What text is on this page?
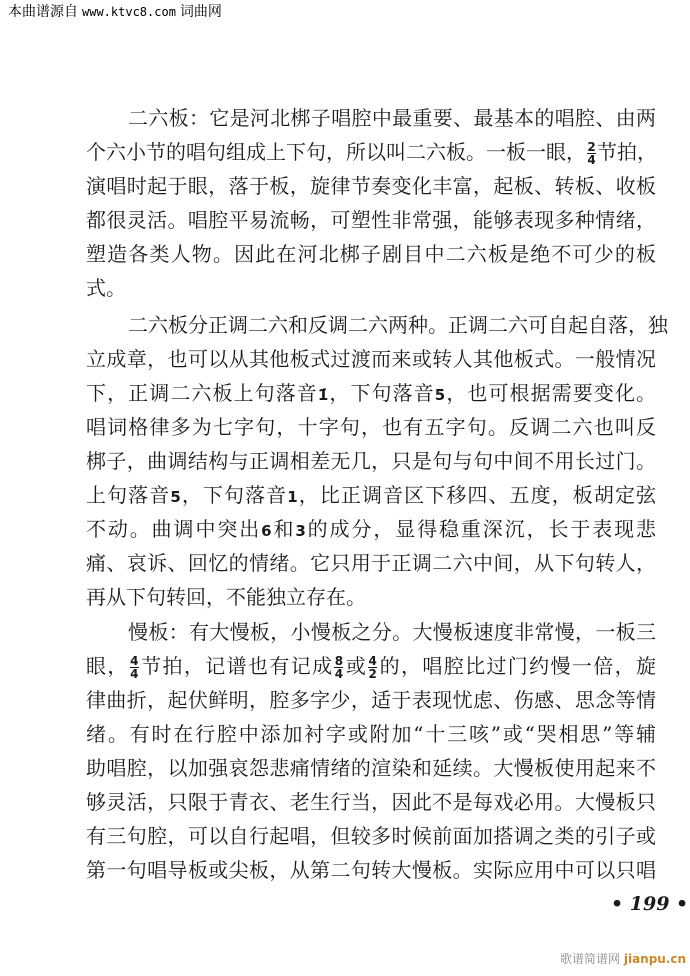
本曲谱源自 www.ktvc8.com 词曲网
二六板：它是河北梆子唱腔中最重要、最基本的唱腔、由两
个六小节的唱句组成上下句，所以叫二六板。一板一眼， $\frac{2}{4}$ 节拍，
演唱时起于眼，落于板，旋律节奏变化丰富，起板、转板、收板
都很灵活。唱腔平易流畅，可塑性非常强，能够表现多种情绪，
塑造各类人物。因此在河北梆子剧目中二六板是绝不可少的板
式。
二六板分正调二六和反调二六两种。正调二六可自起自落，独
立成章，也可以从其他板式过渡而来或转人其他板式。一般情况
下，正调二六板上句落音1̇，下句落音5，也可根据需要变化。
唱词格律多为七字句，十字句，也有五字句。反调二六也叫反
梆子，曲调结构与正调相差无几，只是句与句中间不用长过门。
上句落音5，下句落音1，比正调音区下移四、五度，板胡定弦
不动。曲调中突出6和3的成分，显得稳重深沉，长于表现悲
痛、哀诉、回忆的情绪。它只用于正调二六中间，从下句转人，
再从下句转回，不能独立存在。
慢板：有大慢板，小慢板之分。大慢板速度非常慢，一板三
眼， $\frac{4}{4}$ 节拍，记谱也有记成 $\frac{8}{4}$ 或 $\frac{4}{2}$ 的，唱腔比过门约慢一倍，旋
律曲折，起伏鲜明，腔多字少，适于表现忧虑、伤感、思念等情
绪。有时在行腔中添加衬字或附加“十三咳”或“哭相思”等辅
助唱腔，以加强哀怨悲痛情绪的渲染和延续。大慢板使用起来不
够灵活，只限于青衣、老生行当，因此不是每戏必用。大慢板只
有三句腔，可以自行起唱，但较多时候前面加搭调之类的引子或
第一句唱导板或尖板，从第二句转大慢板。实际应用中可以只唱
• 199 •
歌谱简谱网 jianpu.cn
